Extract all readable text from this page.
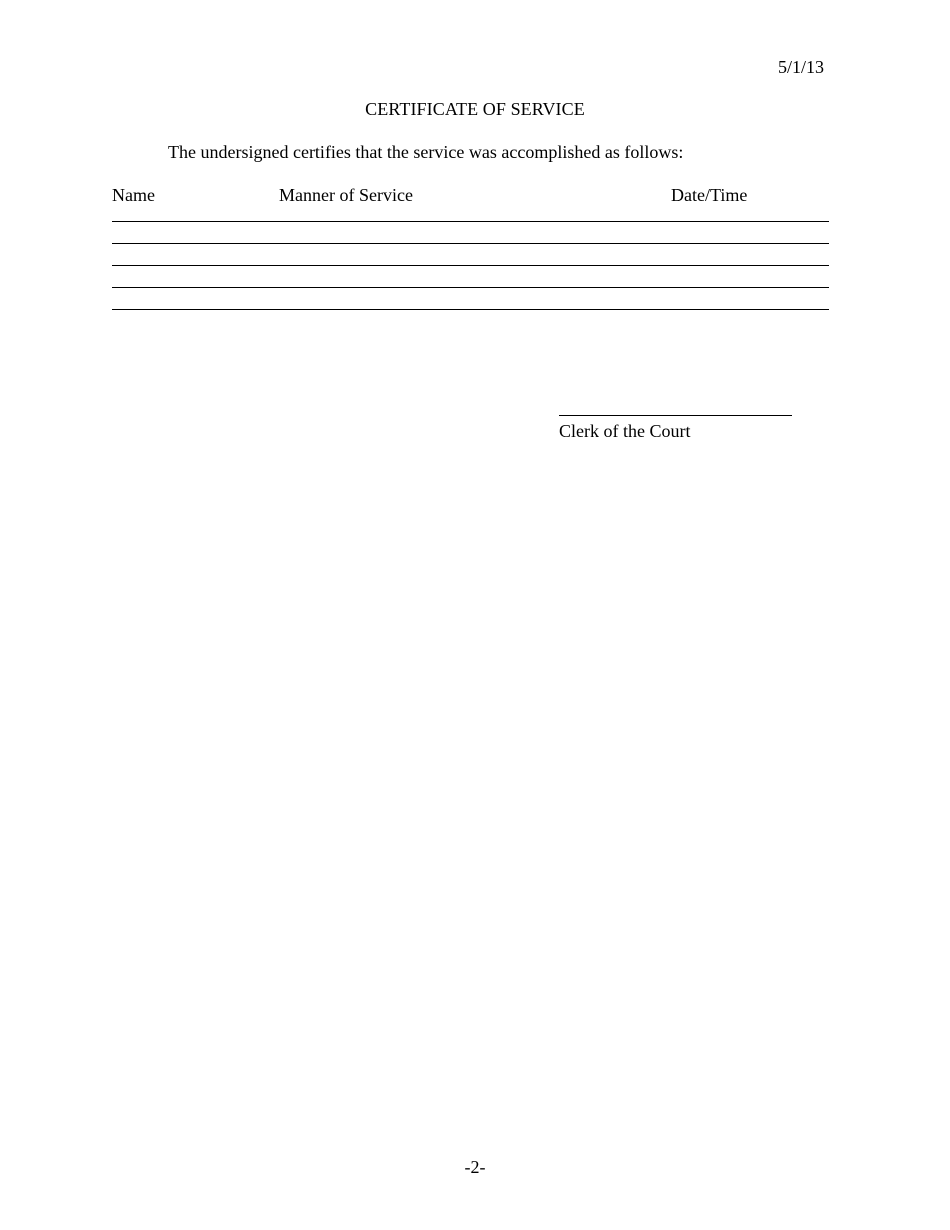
5/1/13
CERTIFICATE OF SERVICE
The undersigned certifies that the service was accomplished as follows:
Name	Manner of Service	Date/Time
Clerk of the Court
-2-
